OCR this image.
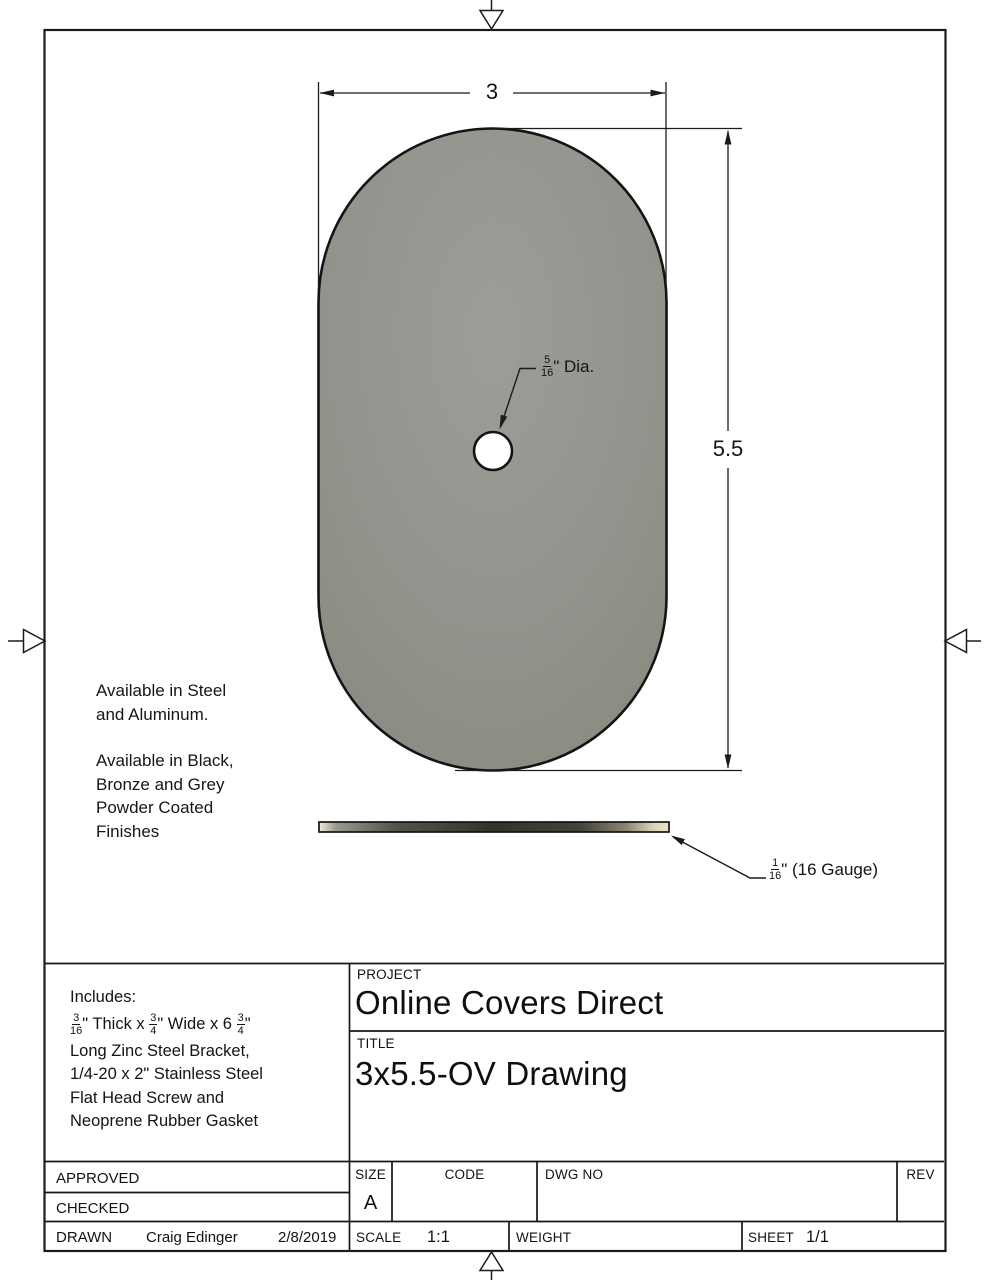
3
5.5
$\frac{5}{16}$ " Dia.
$\frac{1}{16}$ " (16 Gauge)
Available in Steel
and Aluminum.
Available in Black,
Bronze and Grey
Powder Coated
Finishes
Includes:
$\frac{3}{16}$ " Thick x $\frac{3}{4}$ " Wide x $6 \frac{3}{4}$ "
Long Zinc Steel Bracket,
1/4-20 x 2" Stainless Steel
Flat Head Screw and
Neoprene Rubber Gasket
PROJECT
Online Covers Direct
TITLE
3x5.5-OV Drawing
APPROVED
CHECKED
DRAWN Craig Edinger	2/8/2019
SIZE
A
CODE	DWG NO	REV
SCALE 1:1	WEIGHT	SHEET 1/1
